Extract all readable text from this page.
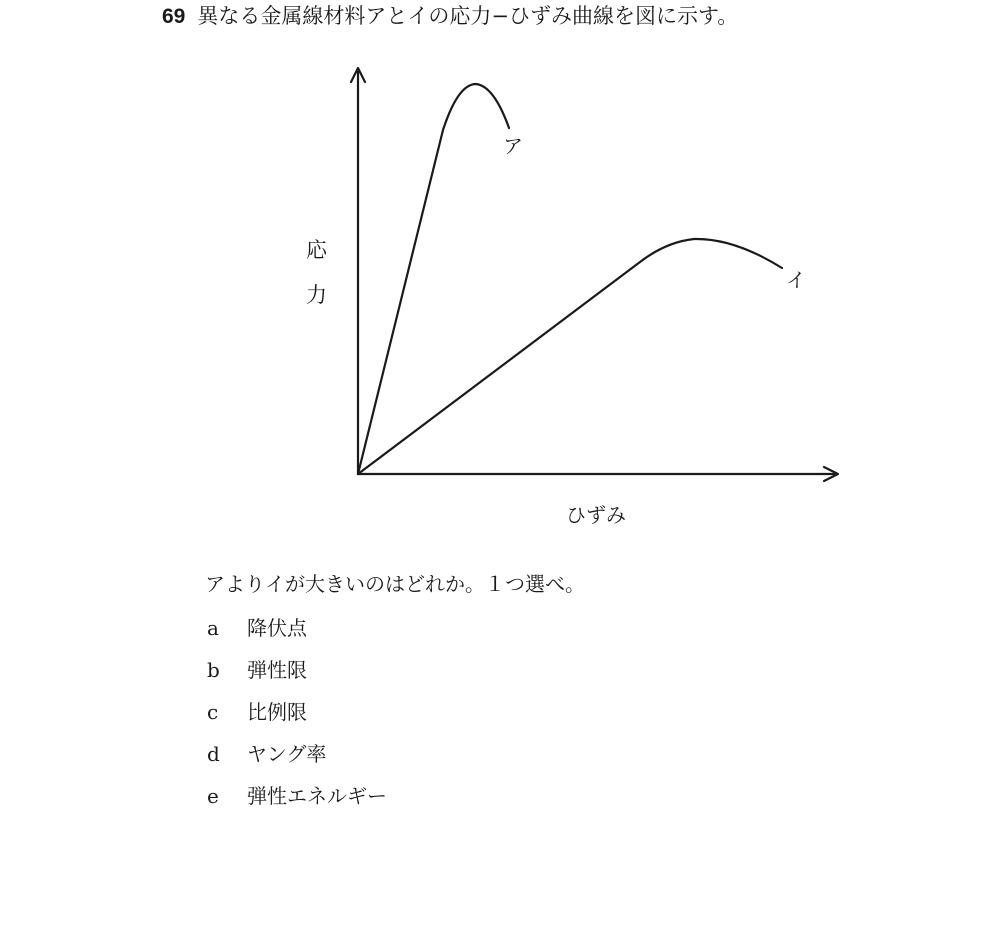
69 異なる金属線材料アとイの応力−ひずみ曲線を図に示す。
応
力
ア
イ
ひずみ
アよりイが大きいのはどれか。１つ選べ。
a 降伏点
b 弾性限
c 比例限
d ヤング率
e 弾性エネルギー
